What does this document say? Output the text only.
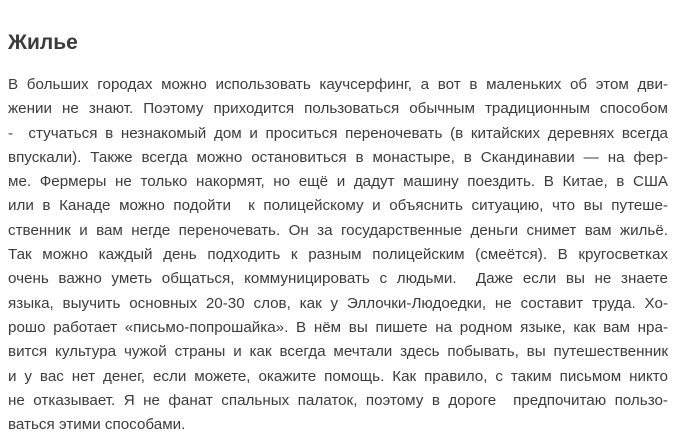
Жилье
В больших городах можно использовать каучсерфинг, а вот в маленьких об этом дви-
жении не знают. Поэтому приходится пользоваться обычным традиционным способом
-  стучаться в незнакомый дом и проситься переночевать (в китайских деревнях всегда
впускали). Также всегда можно остановиться в монастыре, в Скандинавии — на фер-
ме. Фермеры не только накормят, но ещё и дадут машину поездить. В Китае, в США
или в Канаде можно подойти  к полицейскому и объяснить ситуацию, что вы путеше-
ственник и вам негде переночевать. Он за государственные деньги снимет вам жильё.
Так можно каждый день подходить к разным полицейским (смеётся). В кругосветках
очень важно уметь общаться, коммуницировать с людьми.  Даже если вы не знаете
языка, выучить основных 20-30 слов, как у Эллочки-Людоедки, не составит труда. Хо-
рошо работает «письмо-попрошайка». В нём вы пишете на родном языке, как вам нра-
вится культура чужой страны и как всегда мечтали здесь побывать, вы путешественник
и у вас нет денег, если можете, окажите помощь. Как правило, с таким письмом никто
не отказывает. Я не фанат спальных палаток, поэтому в дороге  предпочитаю пользо-
ваться этими способами.
